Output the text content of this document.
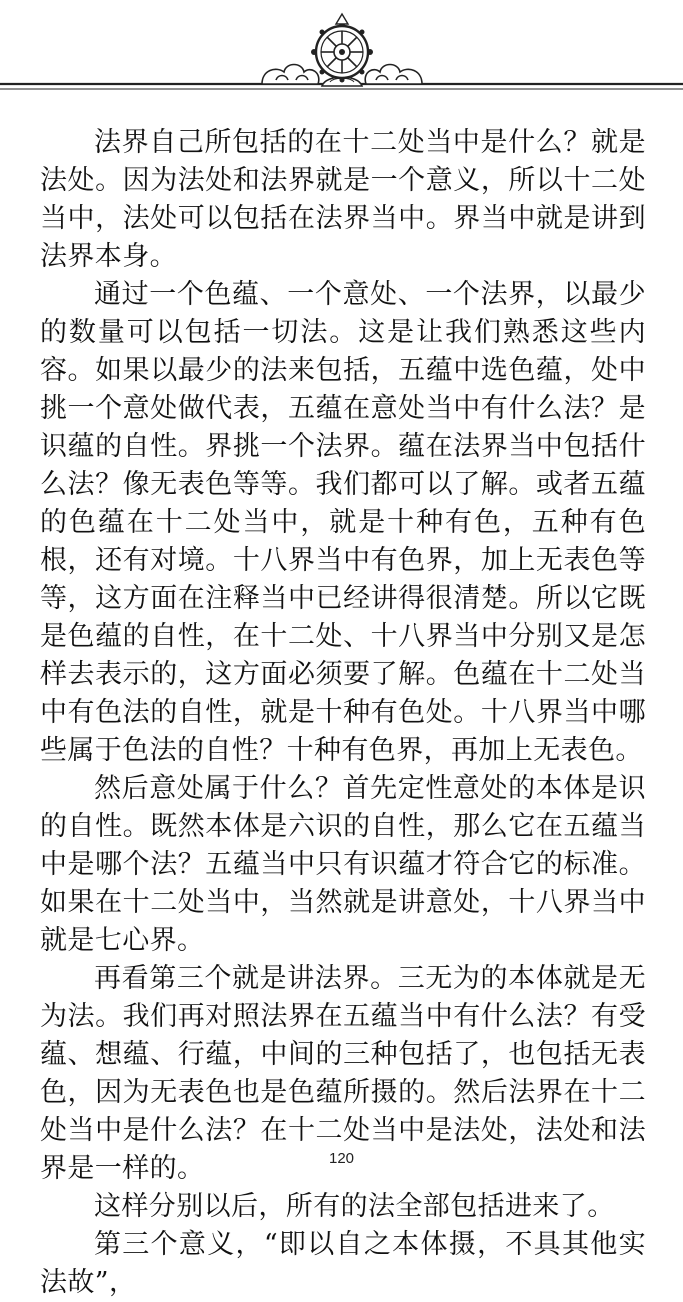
法界自己所包括的在十二处当中是什么？就是法处。因为法处和法界就是一个意义，所以十二处当中，法处可以包括在法界当中。界当中就是讲到法界本身。

通过一个色蕴、一个意处、一个法界，以最少的数量可以包括一切法。这是让我们熟悉这些内容。如果以最少的法来包括，五蕴中选色蕴，处中挑一个意处做代表，五蕴在意处当中有什么法？是识蕴的自性。界挑一个法界。蕴在法界当中包括什么法？像无表色等等。我们都可以了解。或者五蕴的色蕴在十二处当中，就是十种有色，五种有色根，还有对境。十八界当中有色界，加上无表色等等，这方面在注释当中已经讲得很清楚。所以它既是色蕴的自性，在十二处、十八界当中分别又是怎样去表示的，这方面必须要了解。色蕴在十二处当中有色法的自性，就是十种有色处。十八界当中哪些属于色法的自性？十种有色界，再加上无表色。

然后意处属于什么？首先定性意处的本体是识的自性。既然本体是六识的自性，那么它在五蕴当中是哪个法？五蕴当中只有识蕴才符合它的标准。如果在十二处当中，当然就是讲意处，十八界当中就是七心界。

再看第三个就是讲法界。三无为的本体就是无为法。我们再对照法界在五蕴当中有什么法？有受蕴、想蕴、行蕴，中间的三种包括了，也包括无表色，因为无表色也是色蕴所摄的。然后法界在十二处当中是什么法？在十二处当中是法处，法处和法界是一样的。

这样分别以后，所有的法全部包括进来了。

第三个意义，“即以自之本体摄，不具其他实法故”，

120
